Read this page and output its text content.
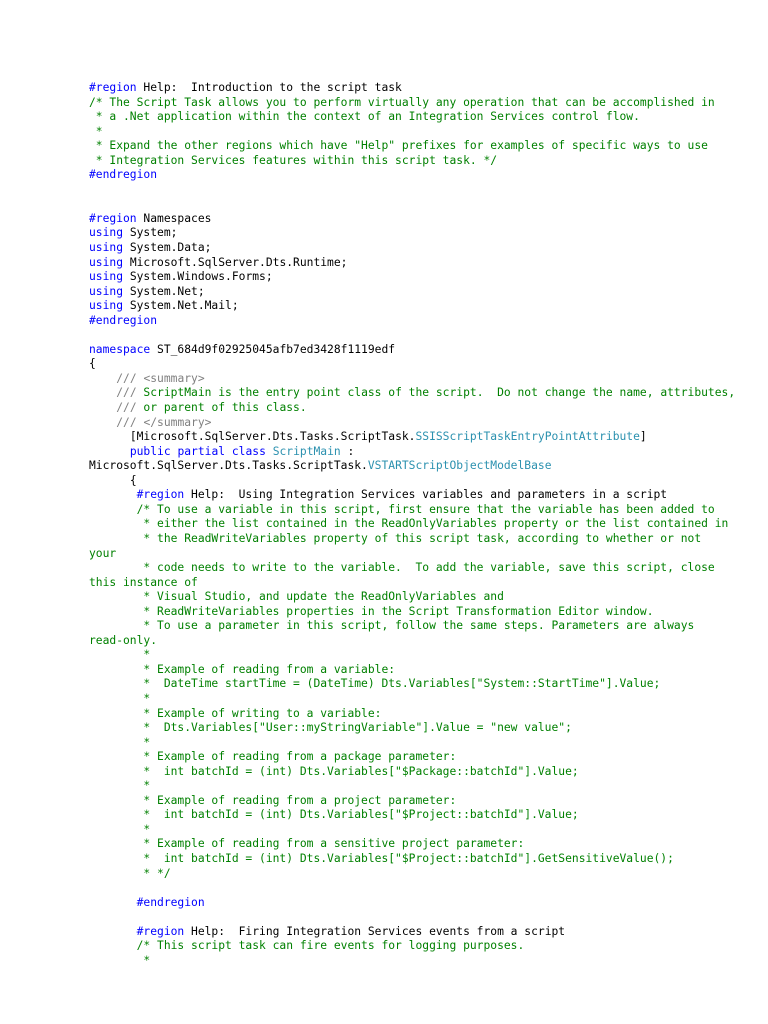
#region Help:  Introduction to the script task
/* The Script Task allows you to perform virtually any operation that can be accomplished in
* a .Net application within the context of an Integration Services control flow.
*
* Expand the other regions which have "Help" prefixes for examples of specific ways to use
* Integration Services features within this script task. */
#endregion
#region Namespaces
using System;
using System.Data;
using Microsoft.SqlServer.Dts.Runtime;
using System.Windows.Forms;
using System.Net;
using System.Net.Mail;
#endregion
namespace ST_684d9f02925045afb7ed3428f1119edf
{
/// <summary>
/// ScriptMain is the entry point class of the script.  Do not change the name, attributes,
/// or parent of this class.
/// </summary>
[Microsoft.SqlServer.Dts.Tasks.ScriptTask.SSISScriptTaskEntryPointAttribute]
public partial class ScriptMain :
Microsoft.SqlServer.Dts.Tasks.ScriptTask.VSTARTScriptObjectModelBase
{
#region Help:  Using Integration Services variables and parameters in a script
/* To use a variable in this script, first ensure that the variable has been added to
* either the list contained in the ReadOnlyVariables property or the list contained in
* the ReadWriteVariables property of this script task, according to whether or not
your
* code needs to write to the variable.  To add the variable, save this script, close
this instance of
* Visual Studio, and update the ReadOnlyVariables and
* ReadWriteVariables properties in the Script Transformation Editor window.
* To use a parameter in this script, follow the same steps. Parameters are always
read-only.
*
* Example of reading from a variable:
*  DateTime startTime = (DateTime) Dts.Variables["System::StartTime"].Value;
*
* Example of writing to a variable:
*  Dts.Variables["User::myStringVariable"].Value = "new value";
*
* Example of reading from a package parameter:
*  int batchId = (int) Dts.Variables["$Package::batchId"].Value;
*
* Example of reading from a project parameter:
*  int batchId = (int) Dts.Variables["$Project::batchId"].Value;
*
* Example of reading from a sensitive project parameter:
*  int batchId = (int) Dts.Variables["$Project::batchId"].GetSensitiveValue();
* */
#endregion
#region Help:  Firing Integration Services events from a script
/* This script task can fire events for logging purposes.
*
